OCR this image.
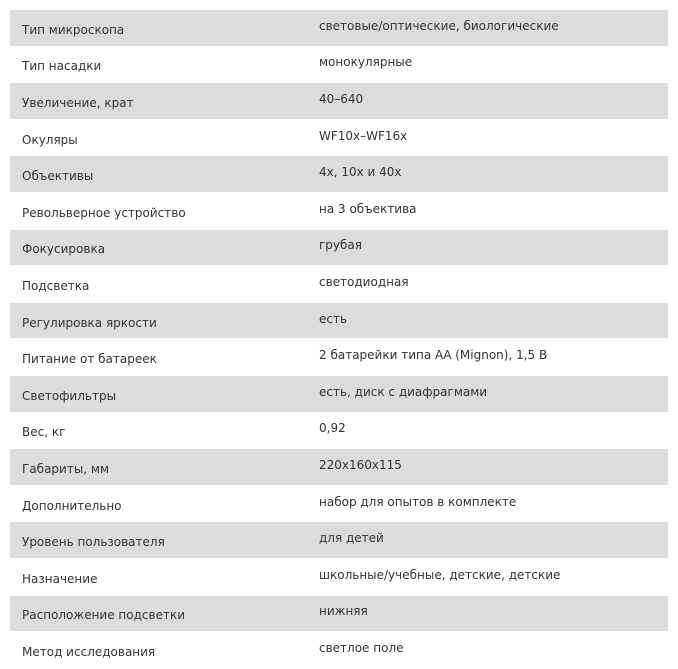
Тип микроскопа	световые/оптические, биологические
Тип насадки	монокулярные
Увеличение, крат	40–640
Окуляры	WF10x–WF16x
Объективы	4x, 10x и 40x
Револьверное устройство	на 3 объектива
Фокусировка	грубая
Подсветка	светодиодная
Регулировка яркости	есть
Питание от батареек	2 батарейки типа АА (Mignon), 1,5 В
Светофильтры	есть, диск с диафрагмами
Вес, кг	0,92
Габариты, мм	220x160x115
Дополнительно	набор для опытов в комплекте
Уровень пользователя	для детей
Назначение	школьные/учебные, детские, детские
Расположение подсветки	нижняя
Метод исследования	светлое поле
